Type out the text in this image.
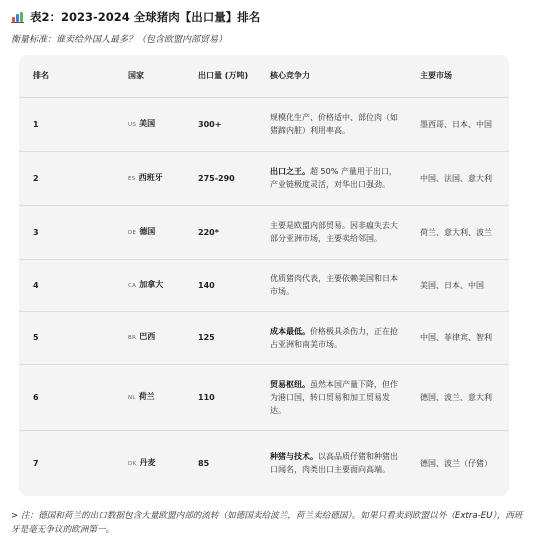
表2：2023-2024 全球猪肉【出口量】排名
衡量标准：谁卖给外国人最多？（包含欧盟内部贸易）
排名	国家	出口量 (万吨)	核心竞争力	主要市场
1	US 美国	300+	规模化生产、价格适中、部位肉（如猪蹄内脏）利用率高。	墨西哥、日本、中国
2	ES 西班牙	275-290	出口之王。超 50% 产量用于出口，产业链极度灵活，对华出口强劲。	中国、法国、意大利
3	DE 德国	220*	主要是欧盟内部贸易。因非瘟失去大部分亚洲市场，主要卖给邻国。	荷兰、意大利、波兰
4	CA 加拿大	140	优质猪肉代表，主要依赖美国和日本市场。	美国、日本、中国
5	BR 巴西	125	成本最低。价格极具杀伤力，正在抢占亚洲和南美市场。	中国、菲律宾、智利
6	NL 荷兰	110	贸易枢纽。虽然本国产量下降，但作为港口国，转口贸易和加工贸易发达。	德国、波兰、意大利
7	DK 丹麦	85	种猪与技术。以高品质仔猪和种猪出口闻名，肉类出口主要面向高端。	德国、波兰（仔猪）
> 注：德国和荷兰的出口数据包含大量欧盟内部的流转（如德国卖给波兰，荷兰卖给德国）。如果只看卖到欧盟以外（Extra-EU），西班牙是毫无争议的欧洲第一。
